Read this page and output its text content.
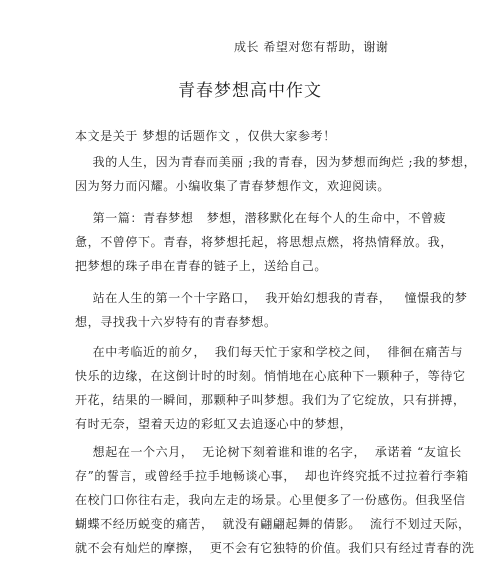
成长 希望对您有帮助，谢谢
青春梦想高中作文
本文是关于 梦想的话题作文 ，仅供大家参考！
我的人生，因为青春而美丽 ;我的青春，因为梦想而绚烂 ;我的梦想，
因为努力而闪耀。小编收集了青春梦想作文，欢迎阅读。
第一篇：青春梦想   梦想，潜移默化在每个人的生命中，不曾疲
惫，不曾停下。青春，将梦想托起，将思想点燃，将热情释放。我，
把梦想的珠子串在青春的链子上，送给自己。
站在人生的第一个十字路口，  我开始幻想我的青春，   憧憬我的梦
想，寻找我十六岁特有的青春梦想。
在中考临近的前夕，  我们每天忙于家和学校之间，  徘徊在痛苦与
快乐的边缘，在这倒计时的时刻。悄悄地在心底种下一颗种子，等待它
开花，结果的一瞬间，那颗种子叫梦想。我们为了它绽放，只有拼搏，
有时无奈，望着天边的彩虹又去追逐心中的梦想，
想起在一个六月，  无论树下刻着谁和谁的名字，  承诺着 “友谊长
存”的誓言，或曾经手拉手地畅谈心事，  却也许终究抵不过拉着行李箱
在校门口你往右走，我向左走的场景。心里便多了一份感伤。但我坚信
蝴蝶不经历蜕变的痛苦，  就没有翩翩起舞的倩影。  流行不划过天际，
就不会有灿烂的摩擦，  更不会有它独特的价值。我们只有经过青春的洗
